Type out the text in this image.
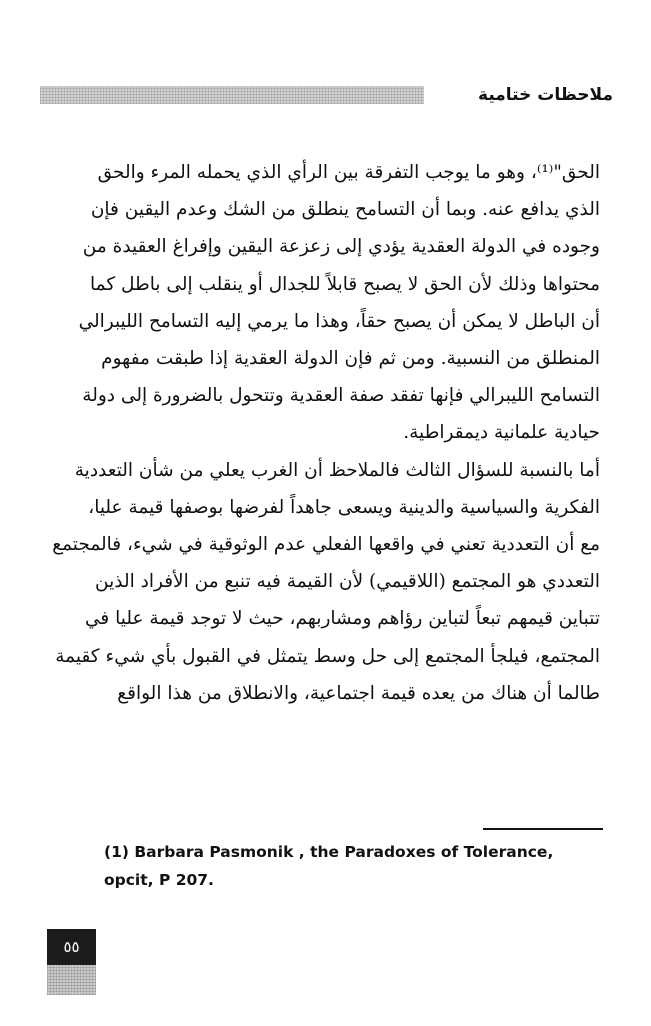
ملاحظات ختامية
الحق"⁽¹⁾، وهو ما يوجب التفرقة بين الرأي الذي يحمله المرء والحق
الذي يدافع عنه. وبما أن التسامح ينطلق من الشك وعدم اليقين فإن
وجوده في الدولة العقدية يؤدي إلى زعزعة اليقين وإفراغ العقيدة من
محتواها وذلك لأن الحق لا يصبح قابلاً للجدال أو ينقلب إلى باطل كما
أن الباطل لا يمكن أن يصبح حقاً، وهذا ما يرمي إليه التسامح الليبرالي
المنطلق من النسبية. ومن ثم فإن الدولة العقدية إذا طبقت مفهوم
التسامح الليبرالي فإنها تفقد صفة العقدية وتتحول بالضرورة إلى دولة
حيادية علمانية ديمقراطية.
أما بالنسبة للسؤال الثالث فالملاحظ أن الغرب يعلي من شأن التعددية
الفكرية والسياسية والدينية ويسعى جاهداً لفرضها بوصفها قيمة عليا،
مع أن التعددية تعني في واقعها الفعلي عدم الوثوقية في شيء، فالمجتمع
التعددي هو المجتمع (اللاقيمي) لأن القيمة فيه تنبع من الأفراد الذين
تتباين قيمهم تبعاً لتباين رؤاهم ومشاربهم، حيث لا توجد قيمة عليا في
المجتمع، فيلجأ المجتمع إلى حل وسط يتمثل في القبول بأي شيء كقيمة
طالما أن هناك من يعده قيمة اجتماعية، والانطلاق من هذا الواقع
(1) Barbara Pasmonik , the Paradoxes of Tolerance,
opcit, P 207.
٥٥
